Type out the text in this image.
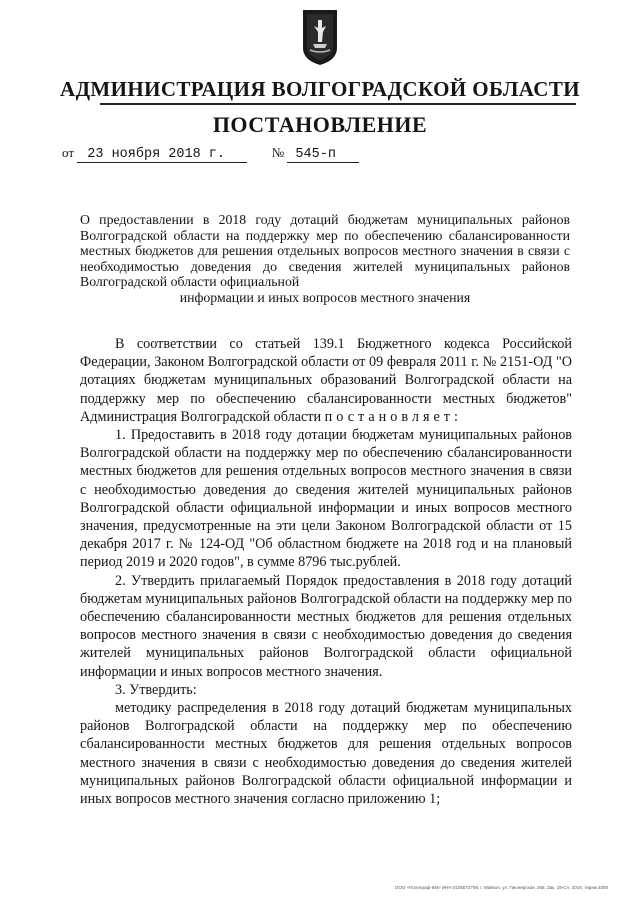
АДМИНИСТРАЦИЯ ВОЛГОГРАДСКОЙ ОБЛАСТИ
ПОСТАНОВЛЕНИЕ
от 23 ноября 2018 г.	№ 545-п
О предоставлении в 2018 году дотаций бюджетам муниципальных районов Волгоградской области на поддержку мер по обеспечению сбалансированности местных бюджетов для решения отдельных вопросов местного значения в связи с необходимостью доведения до сведения жителей муниципальных районов Волгоградской области официальной
информации и иных вопросов местного значения

В соответствии со статьей 139.1 Бюджетного кодекса Российской Федерации, Законом Волгоградской области от 09 февраля 2011 г. № 2151-ОД "О дотациях бюджетам муниципальных образований Волгоградской области на поддержку мер по обеспечению сбалансированности местных бюджетов" Администрация Волгоградской области постановляет:

1. Предоставить в 2018 году дотации бюджетам муниципальных районов Волгоградской области на поддержку мер по обеспечению сбалансированности местных бюджетов для решения отдельных вопросов местного значения в связи с необходимостью доведения до сведения жителей муниципальных районов Волгоградской области официальной информации и иных вопросов местного значения, предусмотренные на эти цели Законом Волгоградской области от 15 декабря 2017 г. № 124-ОД "Об областном бюджете на 2018 год и на плановый период 2019 и 2020 годов", в сумме 8796 тыс.рублей.

2. Утвердить прилагаемый Порядок предоставления в 2018 году дотаций бюджетам муниципальных районов Волгоградской области на поддержку мер по обеспечению сбалансированности местных бюджетов для решения отдельных вопросов местного значения в связи с необходимостью доведения до сведения жителей муниципальных районов Волгоградской области официальной информации и иных вопросов местного значения.

3. Утвердить:

методику распределения в 2018 году дотаций бюджетам муниципальных районов Волгоградской области на поддержку мер по обеспечению сбалансированности местных бюджетов для решения отдельных вопросов местного значения в связи с необходимостью доведения до сведения жителей муниципальных районов Волгоградской области официальной информации и иных вопросов местного значения согласно приложению 1;

ООО «Полиграф-КМ» ИНН 0105072769, г. Майкоп, ул. Пионерская, 268. Зак. 19-Сл, 2018, тираж 4000
